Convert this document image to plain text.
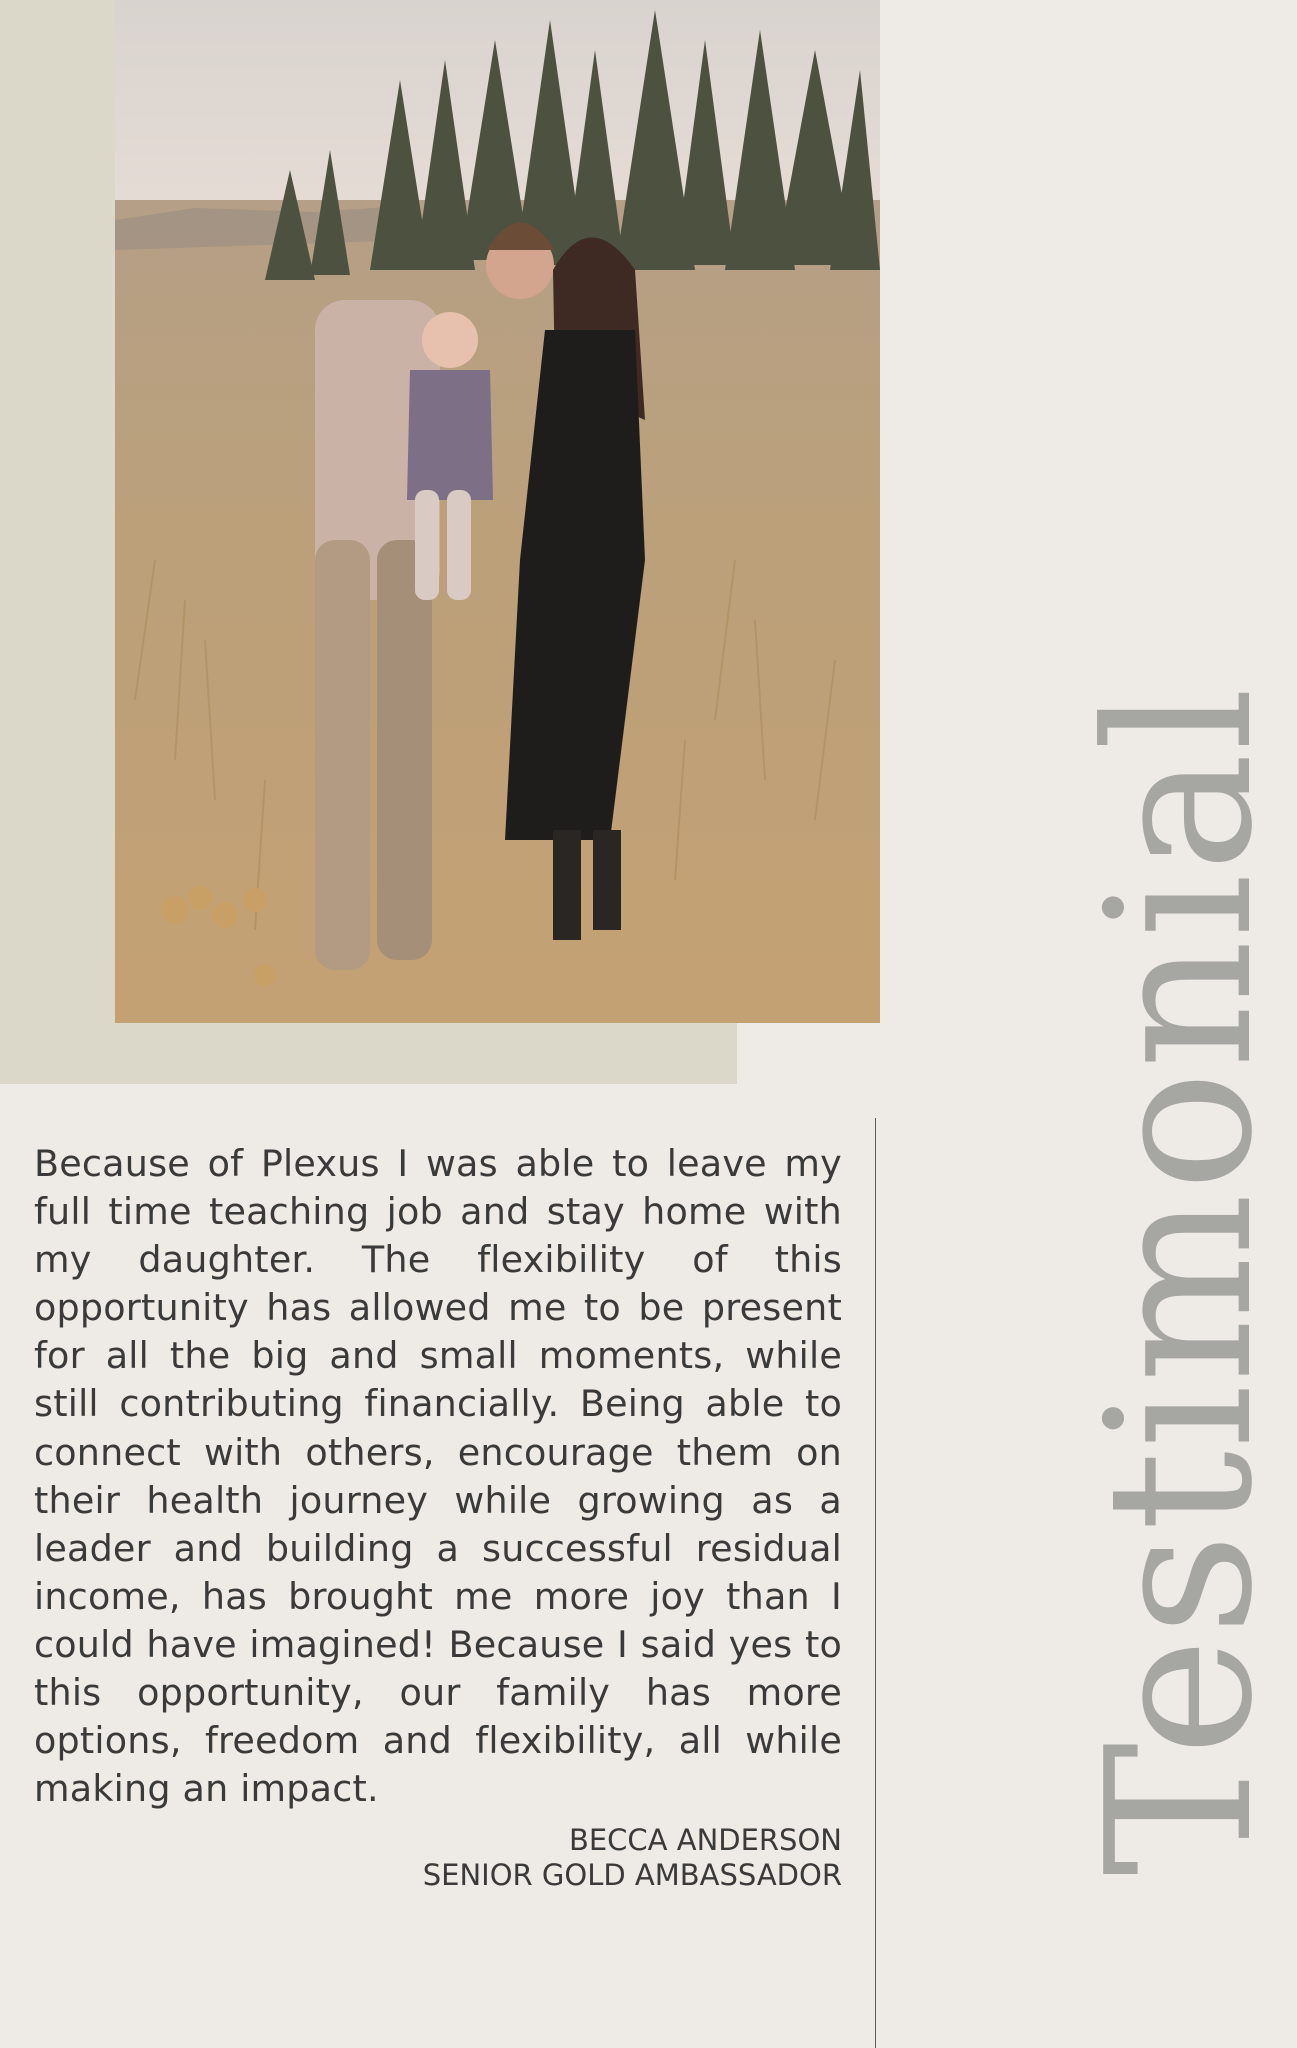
Because of Plexus I was able to leave my full time teaching job and stay home with my daughter. The flexibility of this opportunity has allowed me to be present for all the big and small moments, while still contributing financially. Being able to connect with others, encourage them on their health journey while growing as a leader and building a successful residual income, has brought me more joy than I could have imagined! Because I said yes to this opportunity, our family has more options, freedom and flexibility, all while making an impact.

BECCA ANDERSON
SENIOR GOLD AMBASSADOR Testimonial
